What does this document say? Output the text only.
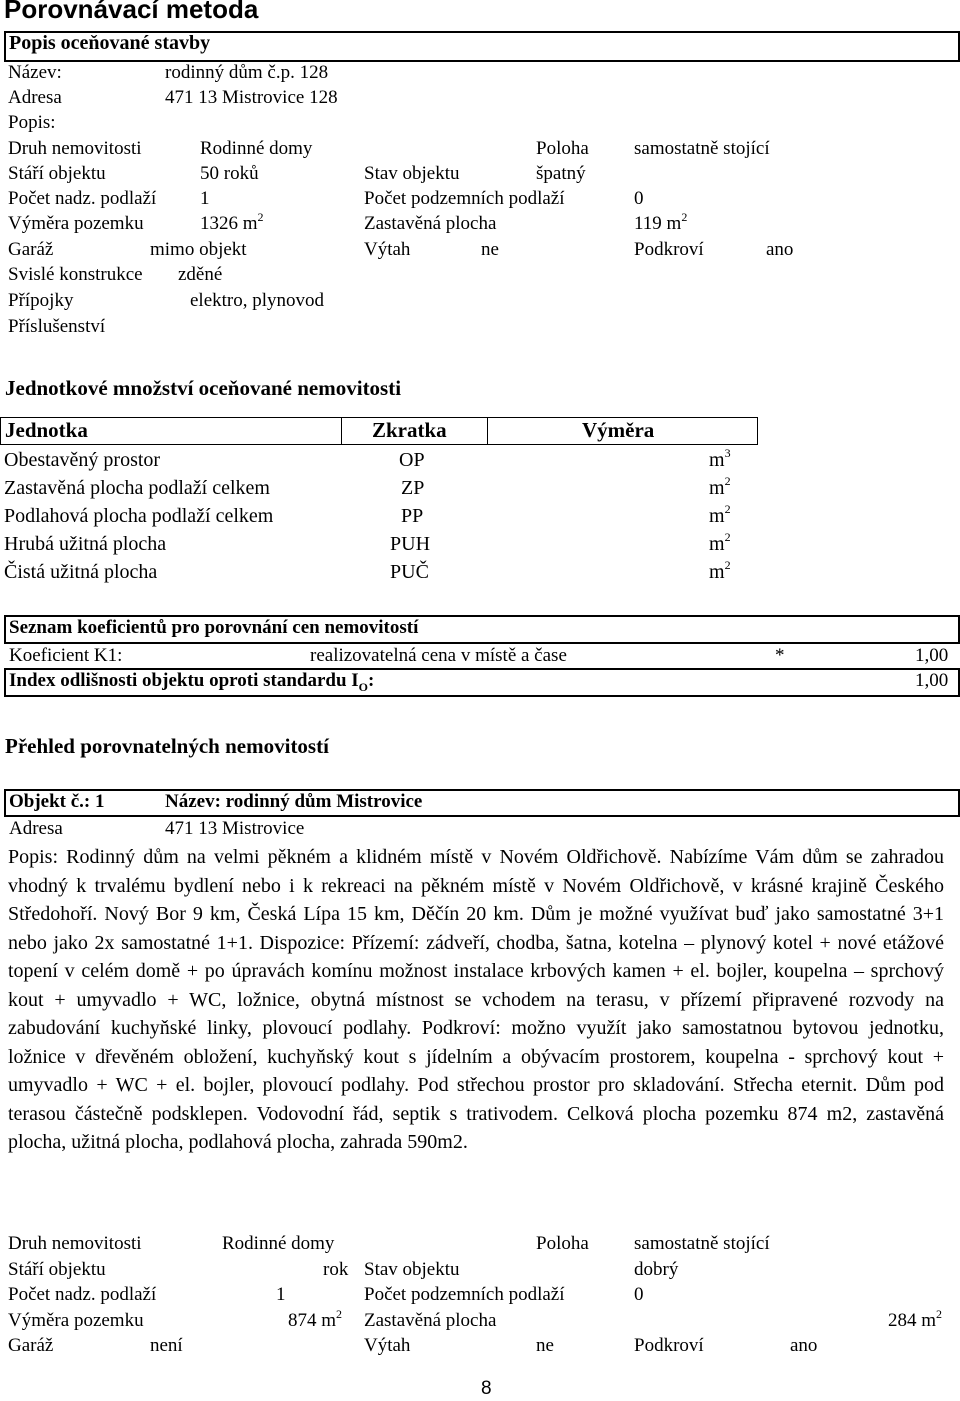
Porovnávací metoda
Popis oceňované stavby
Název:	rodinný dům č.p. 128
Adresa	471 13 Mistrovice 128
Popis:
Druh nemovitosti	Rodinné domy	Poloha samostatně stojící
Stáří objektu	50 roků	Stav objektu	špatný
Počet nadz. podlaží 1	Počet podzemních podlaží	0
Výměra pozemku	1326 $m^2$	Zastavěná plocha	119 $m^2$
Garáž	mimo objekt	Výtah	ne	Podkroví	ano
Svislé konstrukce zděné
Přípojky	elektro, plynovod
Příslušenství
Jednotkové množství oceňované nemovitosti
Jednotka	Zkratka	Výměra
Obestavěný prostor	OP	$m^3$
Zastavěná plocha podlaží celkem	ZP	$m^2$
Podlahová plocha podlaží celkem	PP	$m^2$
Hrubá užitná plocha	PUH	$m^2$
Čistá užitná plocha	PUČ	$m^2$
Seznam koeficientů pro porovnání cen nemovitostí
Koeficient K1:	realizovatelná cena v místě a čase	*	1,00
Index odlišnosti objektu oproti standardu $I_O$:	1,00
Přehled porovnatelných nemovitostí
Objekt č.: 1	Název: rodinný dům Mistrovice
Adresa	471 13 Mistrovice
Popis: Rodinný dům na velmi pěkném a klidném místě v Novém Oldřichově. Nabízíme Vám dům se zahradou vhodný k trvalému bydlení nebo i k rekreaci na pěkném místě v Novém Oldřichově, v krásné krajině Českého Středohoří. Nový Bor 9 km, Česká Lípa 15 km, Děčín 20 km. Dům je možné využívat buď jako samostatné 3+1 nebo jako 2x samostatné 1+1. Dispozice: Přízemí: zádveří, chodba, šatna, kotelna – plynový kotel + nové etážové topení v celém domě + po úpravách komínu možnost instalace krbových kamen + el. bojler, koupelna – sprchový kout + umyvadlo + WC, ložnice, obytná místnost se vchodem na terasu, v přízemí připravené rozvody na zabudování kuchyňské linky, plovoucí podlahy. Podkroví: možno využít jako samostatnou bytovou jednotku, ložnice v dřevěném obložení, kuchyňský kout s jídelním a obývacím prostorem, koupelna - sprchový kout + umyvadlo + WC + el. bojler, plovoucí podlahy. Pod střechou prostor pro skladování. Střecha eternit. Dům pod terasou částečně podsklepen. Vodovodní řád, septik s trativodem. Celková plocha pozemku 874 m2, zastavěná plocha, užitná plocha, podlahová plocha, zahrada 590m2.
Druh nemovitosti	Rodinné domy	Poloha samostatně stojící
Stáří objektu	rok Stav objektu	dobrý
Počet nadz. podlaží	1	Počet podzemních podlaží	0
Výměra pozemku	874 $m^2$ Zastavěná plocha	284 $m^2$
Garáž	není	Výtah	ne	Podkroví	ano
8
